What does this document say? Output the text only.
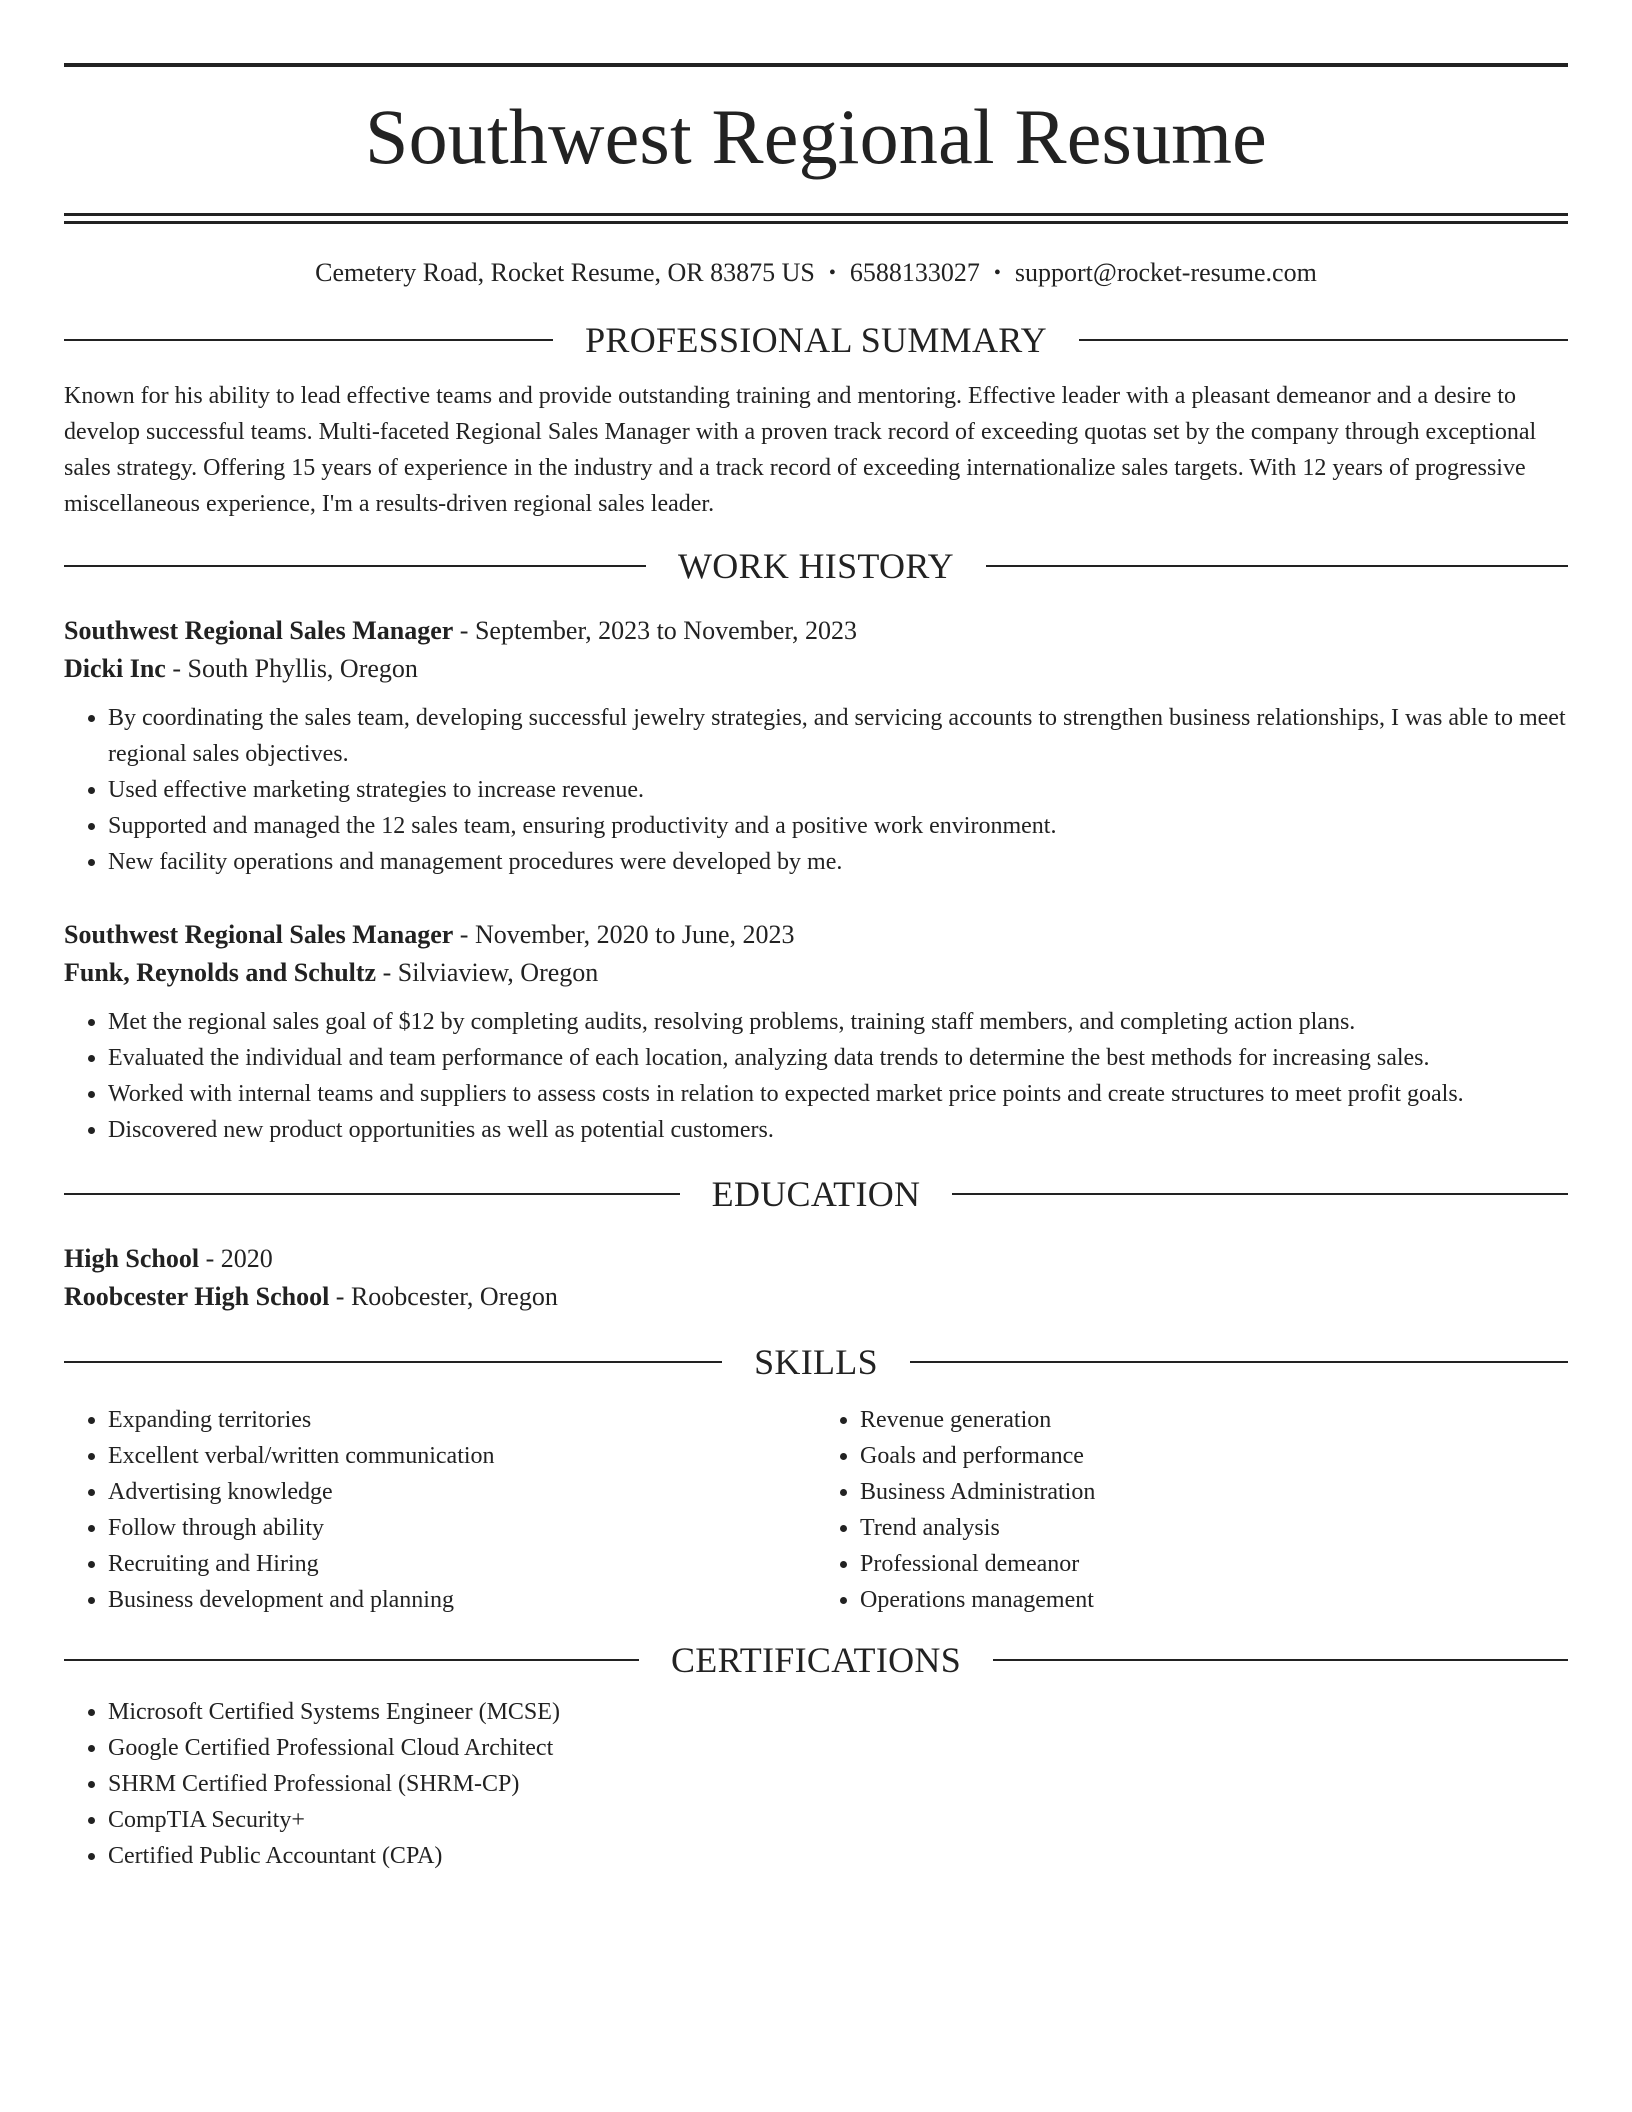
Southwest Regional Resume
Cemetery Road, Rocket Resume, OR 83875 US • 6588133027 • support@rocket-resume.com
PROFESSIONAL SUMMARY
Known for his ability to lead effective teams and provide outstanding training and mentoring. Effective leader with a pleasant demeanor and a desire to develop successful teams. Multi-faceted Regional Sales Manager with a proven track record of exceeding quotas set by the company through exceptional sales strategy. Offering 15 years of experience in the industry and a track record of exceeding internationalize sales targets. With 12 years of progressive miscellaneous experience, I'm a results-driven regional sales leader.
WORK HISTORY
Southwest Regional Sales Manager - September, 2023 to November, 2023
Dicki Inc - South Phyllis, Oregon
• By coordinating the sales team, developing successful jewelry strategies, and servicing accounts to strengthen business relationships, I was able to meet regional sales objectives.
• Used effective marketing strategies to increase revenue.
• Supported and managed the 12 sales team, ensuring productivity and a positive work environment.
• New facility operations and management procedures were developed by me.
Southwest Regional Sales Manager - November, 2020 to June, 2023
Funk, Reynolds and Schultz - Silviaview, Oregon
• Met the regional sales goal of $12 by completing audits, resolving problems, training staff members, and completing action plans.
• Evaluated the individual and team performance of each location, analyzing data trends to determine the best methods for increasing sales.
• Worked with internal teams and suppliers to assess costs in relation to expected market price points and create structures to meet profit goals.
• Discovered new product opportunities as well as potential customers.
EDUCATION
High School - 2020
Roobcester High School - Roobcester, Oregon
SKILLS
• Expanding territories
• Excellent verbal/written communication
• Advertising knowledge
• Follow through ability
• Recruiting and Hiring
• Business development and planning
• Revenue generation
• Goals and performance
• Business Administration
• Trend analysis
• Professional demeanor
• Operations management
CERTIFICATIONS
• Microsoft Certified Systems Engineer (MCSE)
• Google Certified Professional Cloud Architect
• SHRM Certified Professional (SHRM-CP)
• CompTIA Security+
• Certified Public Accountant (CPA)
